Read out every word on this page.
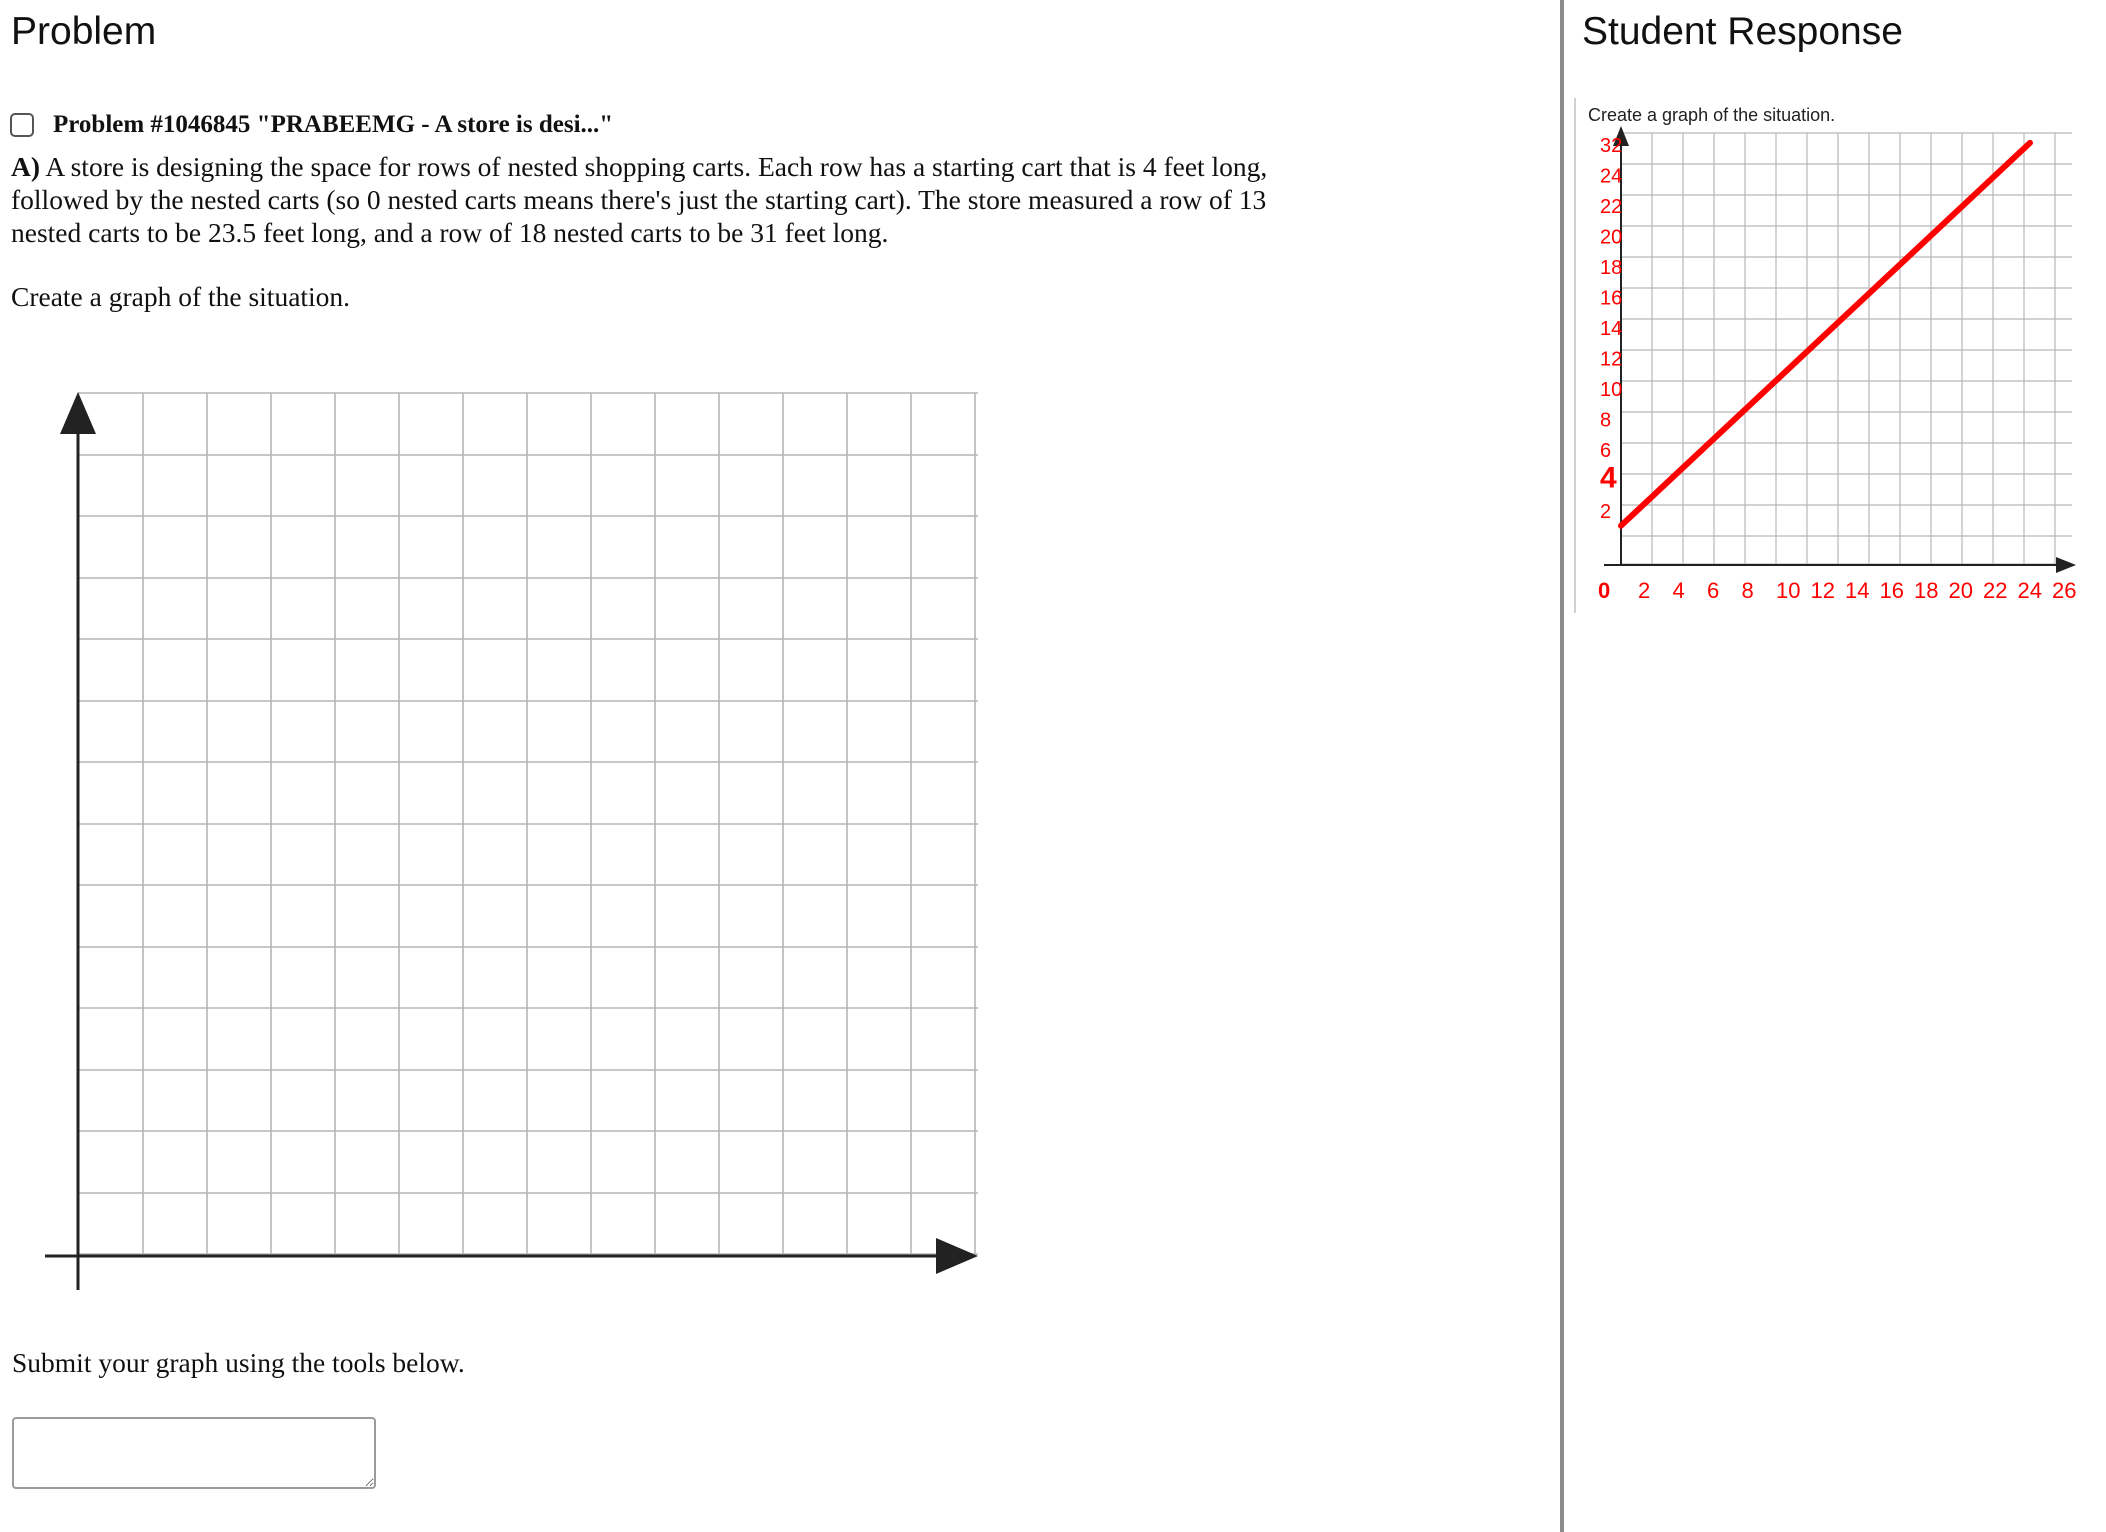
Problem
Problem #1046845 "PRABEEMG - A store is desi..."
A) A store is designing the space for rows of nested shopping carts. Each row has a starting cart that is 4 feet long, followed by the nested carts (so 0 nested carts means there's just the starting cart). The store measured a row of 13 nested carts to be 23.5 feet long, and a row of 18 nested carts to be 31 feet long.
Create a graph of the situation.
Submit your graph using the tools below.
Student Response
Create a graph of the situation.
32
24
22
20
18
16
14
12
10
8
6
4
2
0 2 4 6 8 10 12 14 16 18 20 22 24 26
